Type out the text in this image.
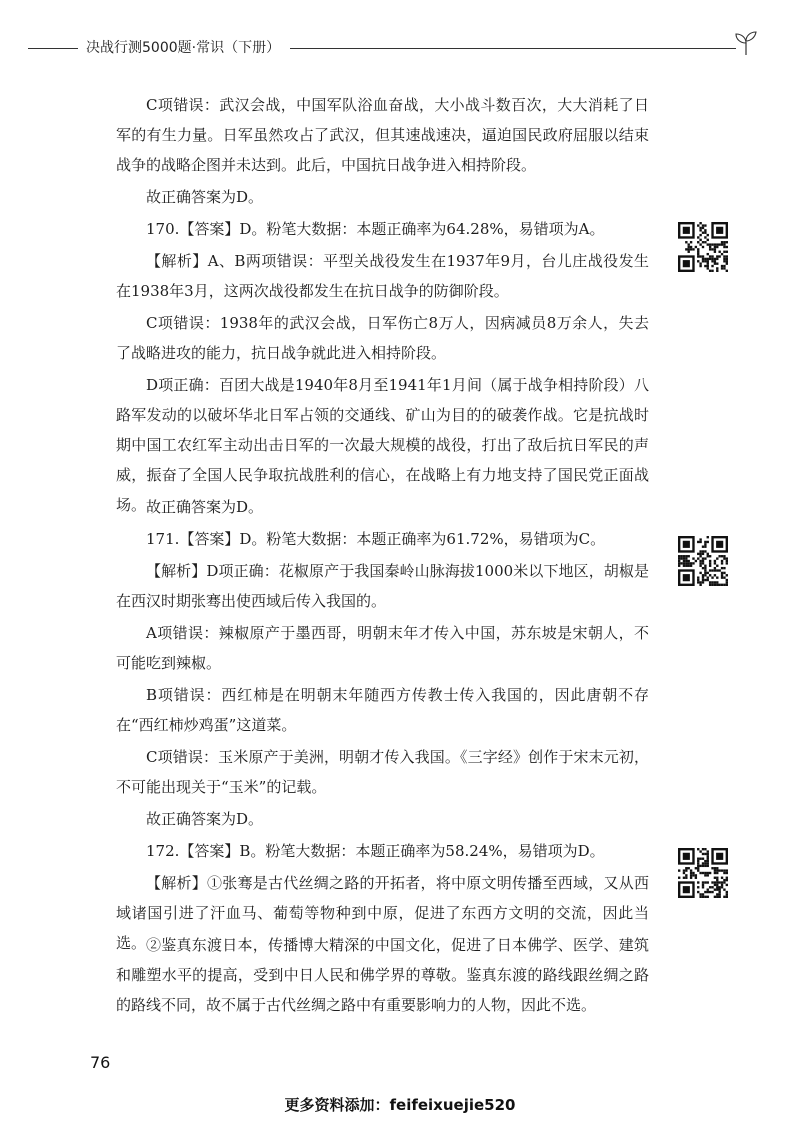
决战行测5000题·常识（下册）

C项错误：武汉会战，中国军队浴血奋战，大小战斗数百次，大大消耗了日军的有生力量。日军虽然攻占了武汉，但其速战速决，逼迫国民政府屈服以结束战争的战略企图并未达到。此后，中国抗日战争进入相持阶段。

故正确答案为D。

170.【答案】D。粉笔大数据：本题正确率为64.28%，易错项为A。

【解析】A、B两项错误：平型关战役发生在1937年9月，台儿庄战役发生在1938年3月，这两次战役都发生在抗日战争的防御阶段。

C项错误：1938年的武汉会战，日军伤亡8万人，因病减员8万余人，失去了战略进攻的能力，抗日战争就此进入相持阶段。

D项正确：百团大战是1940年8月至1941年1月间（属于战争相持阶段）八路军发动的以破坏华北日军占领的交通线、矿山为目的的破袭作战。它是抗战时期中国工农红军主动出击日军的一次最大规模的战役，打出了敌后抗日军民的声威，振奋了全国人民争取抗战胜利的信心，在战略上有力地支持了国民党正面战场。 故正确答案为D。

171.【答案】D。粉笔大数据：本题正确率为61.72%，易错项为C。

【解析】D项正确：花椒原产于我国秦岭山脉海拔1000米以下地区，胡椒是在西汉时期张骞出使西域后传入我国的。

A项错误：辣椒原产于墨西哥，明朝末年才传入中国，苏东坡是宋朝人，不可能吃到辣椒。

B项错误：西红柿是在明朝末年随西方传教士传入我国的，因此唐朝不存在“西红柿炒鸡蛋”这道菜。

C项错误：玉米原产于美洲，明朝才传入我国。《三字经》创作于宋末元初，不可能出现关于“玉米”的记载。

故正确答案为D。

172.【答案】B。粉笔大数据：本题正确率为58.24%，易错项为D。

【解析】①张骞是古代丝绸之路的开拓者，将中原文明传播至西域，又从西域诸国引进了汗血马、葡萄等物种到中原，促进了东西方文明的交流，因此当选。 ②鉴真东渡日本，传播博大精深的中国文化，促进了日本佛学、医学、建筑和雕塑水平的提高，受到中日人民和佛学界的尊敬。鉴真东渡的路线跟丝绸之路的路线不同，故不属于古代丝绸之路中有重要影响力的人物，因此不选。

76
更多资料添加：feifeixuejie520
